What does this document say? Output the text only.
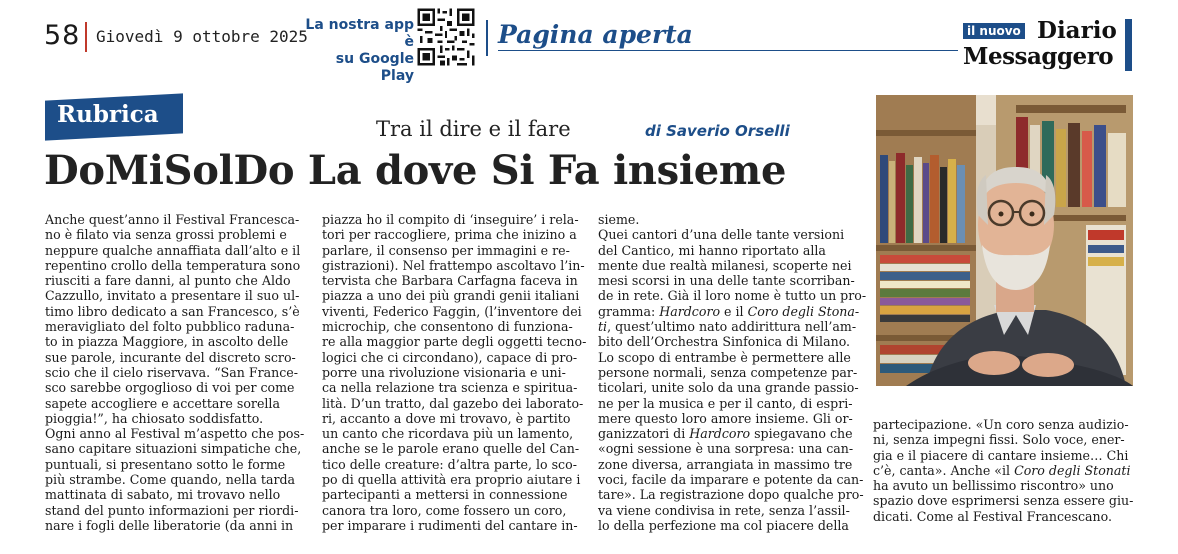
58 Giovedì 9 ottobre 2025
La nostra app è
su Google Play
Pagina aperta	il nuovo Diario
Messaggero
Rubrica
Tra il dire e il fare	di Saverio Orselli
DoMiSolDo La dove Si Fa insieme
Anche quest’anno il Festival Francesca-
no è filato via senza grossi problemi e
neppure qualche annaffiata dall’alto e il
repentino crollo della temperatura sono
riusciti a fare danni, al punto che Aldo
Cazzullo, invitato a presentare il suo ul-
timo libro dedicato a san Francesco, s’è
meravigliato del folto pubblico raduna-
to in piazza Maggiore, in ascolto delle
sue parole, incurante del discreto scro-
scio che il cielo riservava. “San France-
sco sarebbe orgoglioso di voi per come
sapete accogliere e accettare sorella
pioggia!”, ha chiosato soddisfatto.
Ogni anno al Festival m’aspetto che pos-
sano capitare situazioni simpatiche che,
puntuali, si presentano sotto le forme
più strambe. Come quando, nella tarda
mattinata di sabato, mi trovavo nello
stand del punto informazioni per riordi-
nare i fogli delle liberatorie (da anni in
piazza ho il compito di ‘inseguire’ i rela-
tori per raccogliere, prima che inizino a
parlare, il consenso per immagini e re-
gistrazioni). Nel frattempo ascoltavo l’in-
tervista che Barbara Carfagna faceva in
piazza a uno dei più grandi genii italiani
viventi, Federico Faggin, (l’inventore dei
microchip, che consentono di funziona-
re alla maggior parte degli oggetti tecno-
logici che ci circondano), capace di pro-
porre una rivoluzione visionaria e uni-
ca nella relazione tra scienza e spiritua-
lità. D’un tratto, dal gazebo dei laborato-
ri, accanto a dove mi trovavo, è partito
un canto che ricordava più un lamento,
anche se le parole erano quelle del Can-
tico delle creature: d’altra parte, lo sco-
po di quella attività era proprio aiutare i
partecipanti a mettersi in connessione
canora tra loro, come fossero un coro,
per imparare i rudimenti del cantare in-
sieme.
Quei cantori d’una delle tante versioni
del Cantico, mi hanno riportato alla
mente due realtà milanesi, scoperte nei
mesi scorsi in una delle tante scorriban-
de in rete. Già il loro nome è tutto un pro-
gramma: Hardcoro e il Coro degli Stona-
ti, quest’ultimo nato addirittura nell’am-
bito dell’Orchestra Sinfonica di Milano.
Lo scopo di entrambe è permettere alle
persone normali, senza competenze par-
ticolari, unite solo da una grande passio-
ne per la musica e per il canto, di espri-
mere questo loro amore insieme. Gli or-
ganizzatori di Hardcoro spiegavano che
«ogni sessione è una sorpresa: una can-
zone diversa, arrangiata in massimo tre
voci, facile da imparare e potente da can-
tare». La registrazione dopo qualche pro-
va viene condivisa in rete, senza l’assil-
lo della perfezione ma col piacere della
partecipazione. «Un coro senza audizio-
ni, senza impegni fissi. Solo voce, ener-
gia e il piacere di cantare insieme… Chi
c’è, canta». Anche «il Coro degli Stonati
ha avuto un bellissimo riscontro» uno
spazio dove esprimersi senza essere giu-
dicati. Come al Festival Francescano.
